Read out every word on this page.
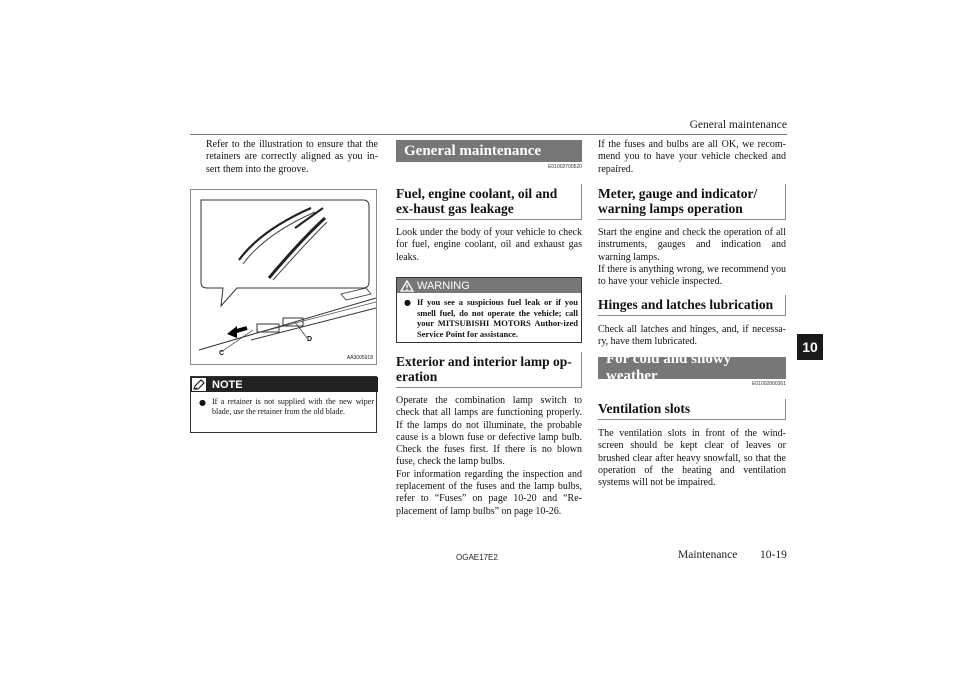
General maintenance
10

Refer to the illustration to ensure that the retainers are correctly aligned as you in-sert them into the groove.

C
D
AA3005918
NOTE
● If a retainer is not supplied with the new wiper blade, use the retainer from the old blade.
General maintenance
E01002700520
Fuel, engine coolant, oil and ex-haust gas leakage

Look under the body of your vehicle to check for fuel, engine coolant, oil and exhaust gas leaks.

WARNING
● If you see a suspicious fuel leak or if you smell fuel, do not operate the vehicle; call your MITSUBISHI MOTORS Author-ized Service Point for assistance.
Exterior and interior lamp op-eration

Operate the combination lamp switch to check that all lamps are functioning properly. If the lamps do not illuminate, the probable cause is a blown fuse or defective lamp bulb. Check the fuses first. If there is no blown fuse, check the lamp bulbs.

For information regarding the inspection and replacement of the fuses and the lamp bulbs, refer to “Fuses” on page 10-20 and “Re-placement of lamp bulbs” on page 10-26.

If the fuses and bulbs are all OK, we recom-mend you to have your vehicle checked and repaired.

Meter, gauge and indicator/ warning lamps operation

Start the engine and check the operation of all instruments, gauges and indication and warning lamps.

If there is anything wrong, we recommend you to have your vehicle inspected.

Hinges and latches lubrication

Check all latches and hinges, and, if necessa-ry, have them lubricated.

For cold and snowy weather	E01002800361
Ventilation slots

The ventilation slots in front of the wind-screen should be kept clear of leaves or brushed clear after heavy snowfall, so that the operation of the heating and ventilation systems will not be impaired.

OGAE17E2	Maintenance 10-19
